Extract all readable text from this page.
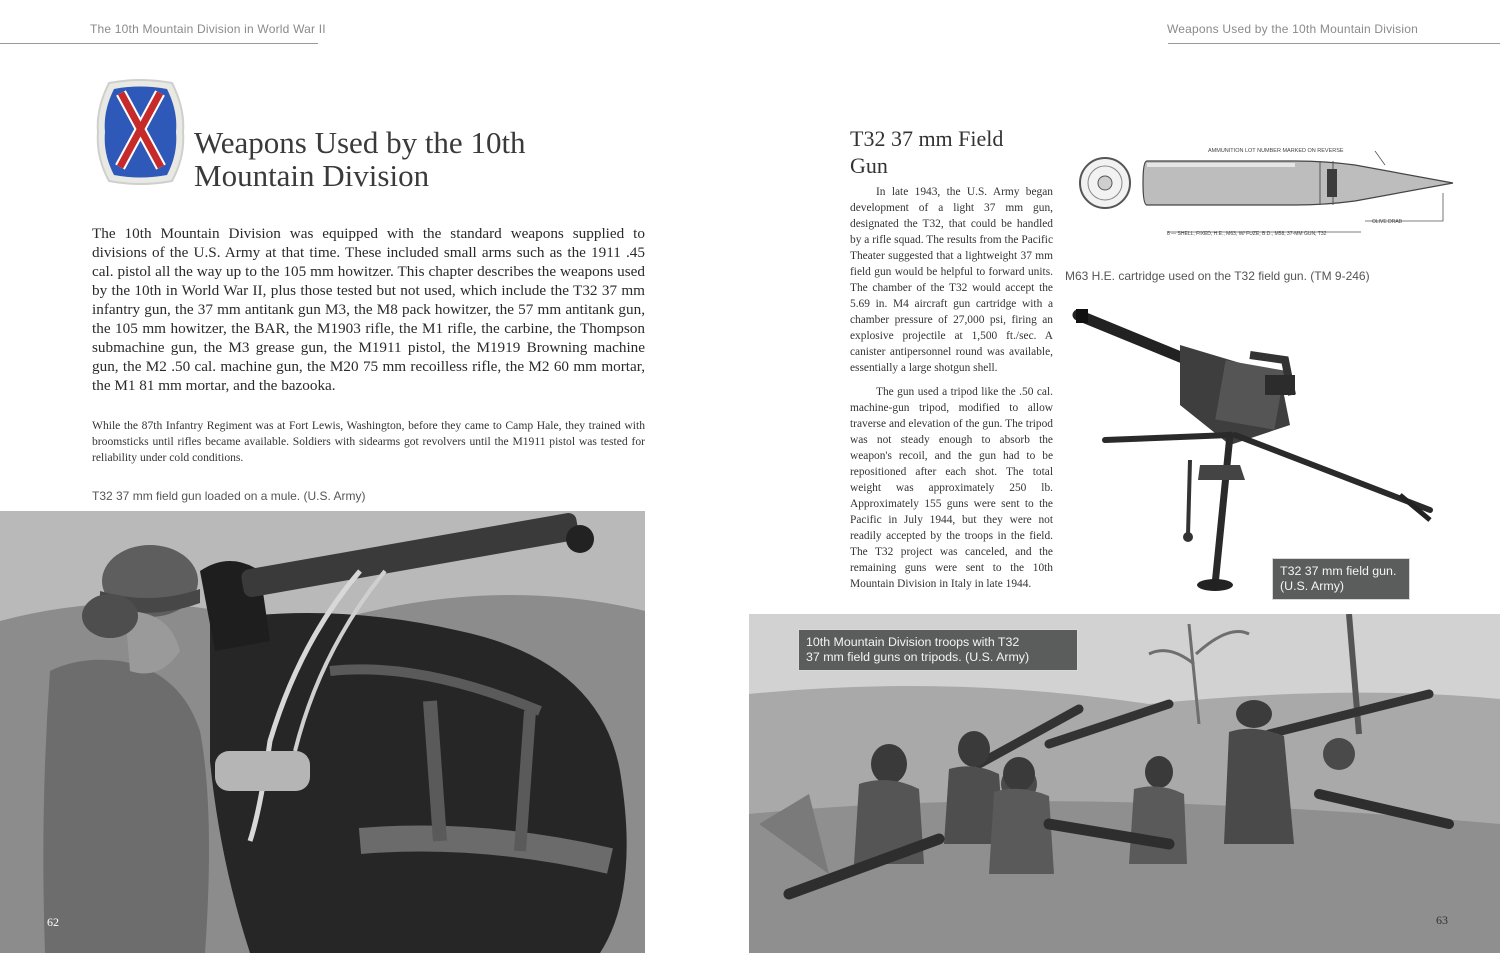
The 10th Mountain Division in World War II
Weapons Used by the 10th
Mountain Division
The 10th Mountain Division was equipped with the standard weapons supplied to divisions of the U.S. Army at that time. These included small arms such as the 1911 .45 cal. pistol all the way up to the 105 mm howitzer. This chapter describes the weapons used by the 10th in World War II, plus those tested but not used, which include the T32 37 mm infantry gun, the 37 mm antitank gun M3, the M8 pack howitzer, the 57 mm antitank gun, the 105 mm howitzer, the BAR, the M1903 rifle, the M1 rifle, the carbine, the Thompson submachine gun, the M3 grease gun, the M1911 pistol, the M1919 Browning machine gun, the M2 .50 cal. machine gun, the M20 75 mm recoilless rifle, the M2 60 mm mortar, the M1 81 mm mortar, and the bazooka.
While the 87th Infantry Regiment was at Fort Lewis, Washington, before they came to Camp Hale, they trained with broomsticks until rifles became available. Soldiers with sidearms got revolvers until the M1911 pistol was tested for reliability under cold conditions.
T32 37 mm field gun loaded on a mule. (U.S. Army)
62
Weapons Used by the 10th Mountain Division
T32 37 mm Field
Gun

In late 1943, the U.S. Army began development of a light 37 mm gun, designated the T32, that could be handled by a rifle squad. The results from the Pacific Theater suggested that a lightweight 37 mm field gun would be helpful to forward units. The chamber of the T32 would accept the 5.69 in. M4 aircraft gun cartridge with a chamber pressure of 27,000 psi, firing an explosive projectile at 1,500 ft./sec. A canister antipersonnel round was available, essentially a large shotgun shell.

The gun used a tripod like the .50 cal. machine-gun tripod, modified to allow traverse and elevation of the gun. The tripod was not steady enough to absorb the weapon's recoil, and the gun had to be repositioned after each shot. The total weight was approximately 250 lb. Approximately 155 guns were sent to the Pacific in July 1944, but they were not readily accepted by the troops in the field. The T32 project was canceled, and the remaining guns were sent to the 10th Mountain Division in Italy in late 1944.

AMMUNITION LOT NUMBER MARKED ON REVERSE
OLIVE DRAB
8 — SHELL, FIXED, H.E., M63, W/ FUZE, B.D., M58, 37-MM GUN, T32
M63 H.E. cartridge used on the T32 field gun. (TM 9-246)
T32 37 mm field gun.
(U.S. Army)
10th Mountain Division troops with T32
37 mm field guns on tripods. (U.S. Army)
63
